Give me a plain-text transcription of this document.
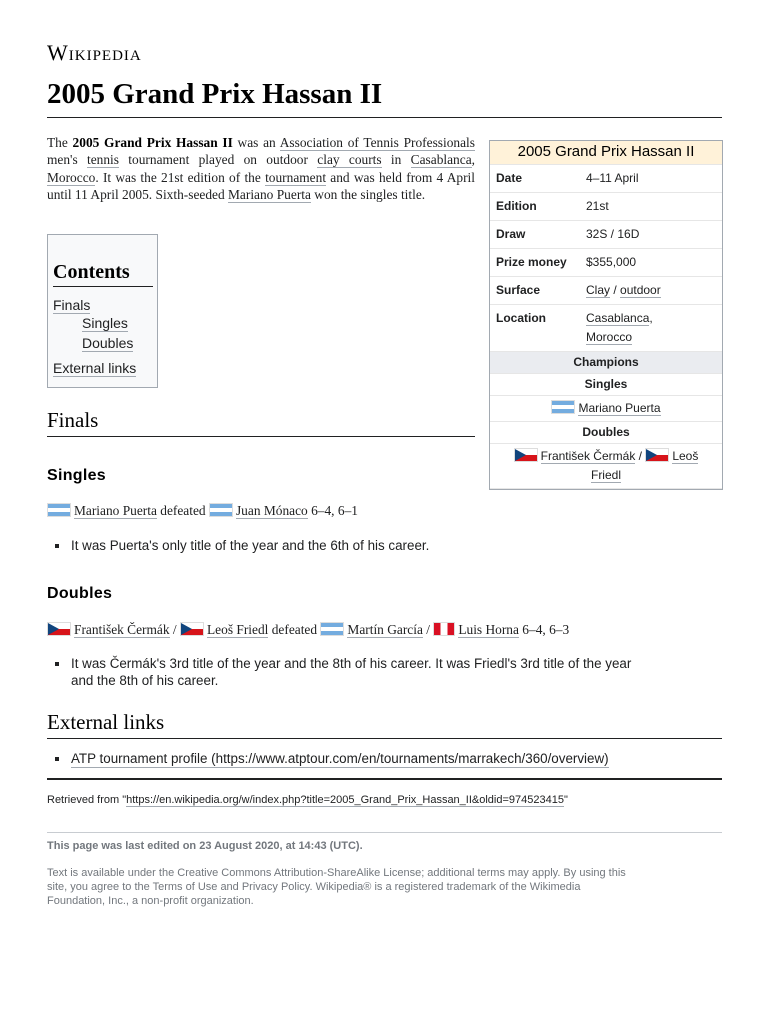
Wikipedia
2005 Grand Prix Hassan II
The 2005 Grand Prix Hassan II was an Association of Tennis Professionals men's tennis tournament played on outdoor clay courts in Casablanca, Morocco. It was the 21st edition of the tournament and was held from 4 April until 11 April 2005. Sixth-seeded Mariano Puerta won the singles title.
2005 Grand Prix Hassan II
Date	4–11 April
Edition	21st
Draw	32S / 16D
Prize money	$355,000
Surface	Clay / outdoor
Location	Casablanca,
Morocco
Champions
Singles
Mariano Puerta
Doubles
František Čermák / Leoš
Friedl
Contents
Finals
Singles
Doubles
External links
Finals
Singles
Mariano Puerta defeated Juan Mónaco 6–4, 6–1
It was Puerta's only title of the year and the 6th of his career.
Doubles
František Čermák / Leoš Friedl defeated Martín García / Luis Horna 6–4, 6–3
It was Čermák's 3rd title of the year and the 8th of his career. It was Friedl's 3rd title of the year
and the 8th of his career.
External links
ATP tournament profile (https://www.atptour.com/en/tournaments/marrakech/360/overview)
Retrieved from "https://en.wikipedia.org/w/index.php?title=2005_Grand_Prix_Hassan_II&oldid=974523415"
This page was last edited on 23 August 2020, at 14:43 (UTC).
Text is available under the Creative Commons Attribution-ShareAlike License; additional terms may apply. By using this
site, you agree to the Terms of Use and Privacy Policy. Wikipedia® is a registered trademark of the Wikimedia
Foundation, Inc., a non-profit organization.
